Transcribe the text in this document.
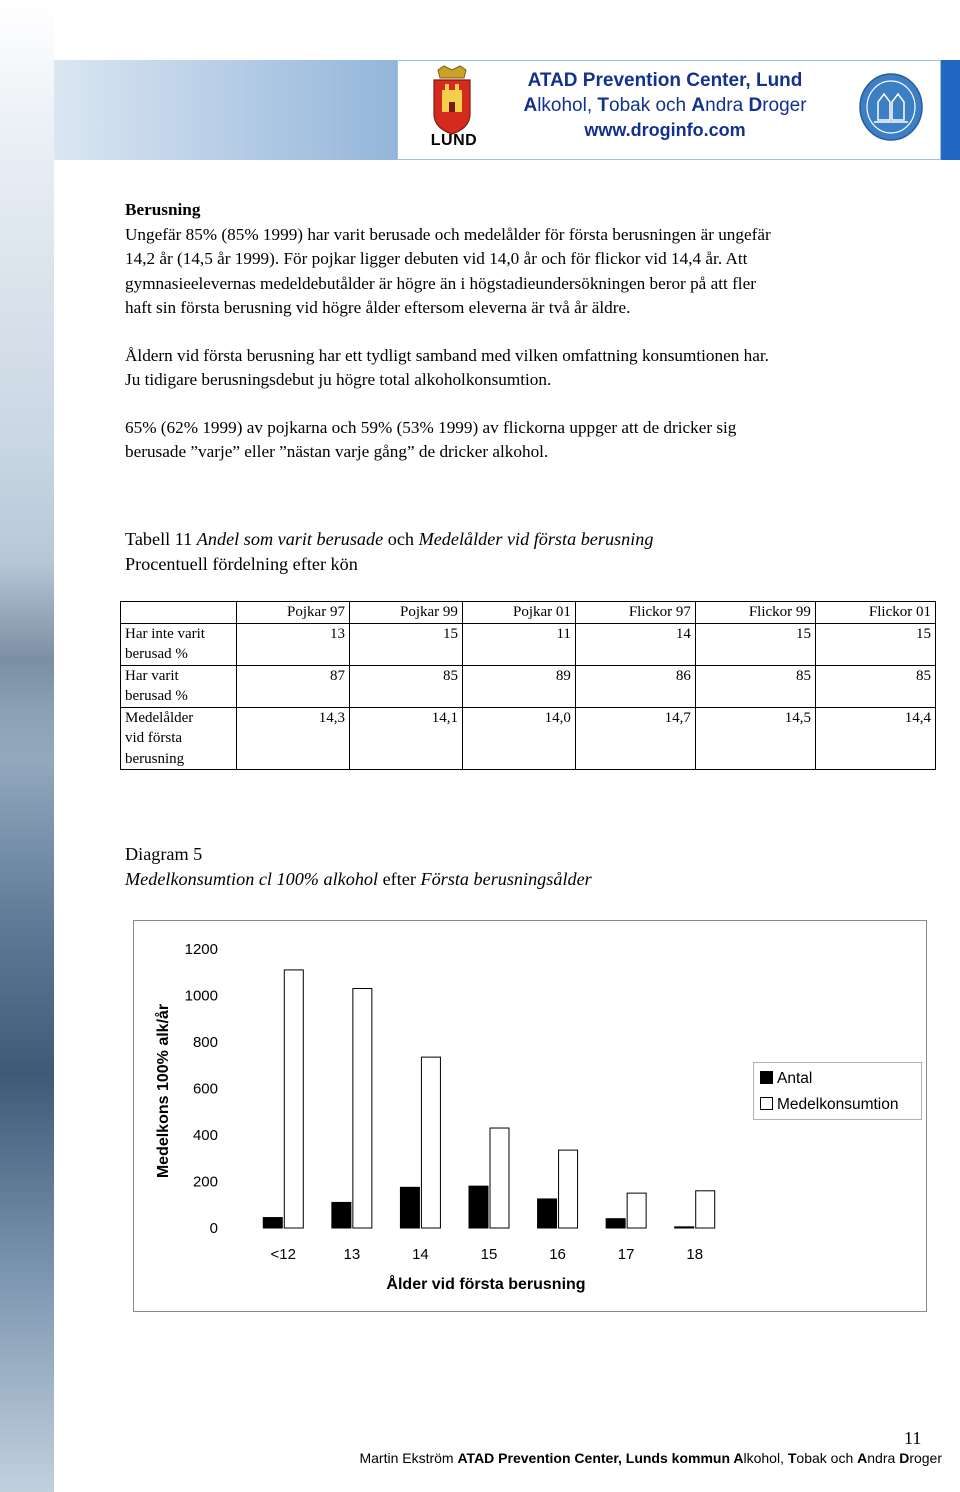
LUND
ATAD Prevention Center, Lund
Alkohol, Tobak och Andra Droger
www.droginfo.com

Berusning

Ungefär 85% (85% 1999) har varit berusade och medelålder för första berusningen är ungefär

14,2 år (14,5 år 1999). För pojkar ligger debuten vid 14,0 år och för flickor vid 14,4 år. Att

gymnasieelevernas medeldebutålder är högre än i högstadieundersökningen beror på att fler

haft sin första berusning vid högre ålder eftersom eleverna är två år äldre.

Åldern vid första berusning har ett tydligt samband med vilken omfattning konsumtionen har.

Ju tidigare berusningsdebut ju högre total alkoholkonsumtion.

65% (62% 1999) av pojkarna och 59% (53% 1999) av flickorna uppger att de dricker sig

berusade ”varje” eller ”nästan varje gång” de dricker alkohol.

Tabell 11 Andel som varit berusade och Medelålder vid första berusning
Procentuell fördelning efter kön
	Pojkar 97	Pojkar 99	Pojkar 01	Flickor 97	Flickor 99	Flickor 01

Har inte varit
berusad %	13	15	11	14	15	15

Har varit
berusad %	87	85	89	86	85	85

Medelålder
vid första
berusning	14,3	14,1	14,0	14,7	14,5	14,4
Diagram 5
Medelkonsumtion cl 100% alkohol efter Första berusningsålder
0
200
400
600
800
1000
1200
<12	13	14	15	16	17	18
Ålder vid första berusning
Medelkons 100% alk/år	Antal
Medelkonsumtion
11
Martin Ekström ATAD Prevention Center, Lunds kommun Alkohol, Tobak och Andra Droger
